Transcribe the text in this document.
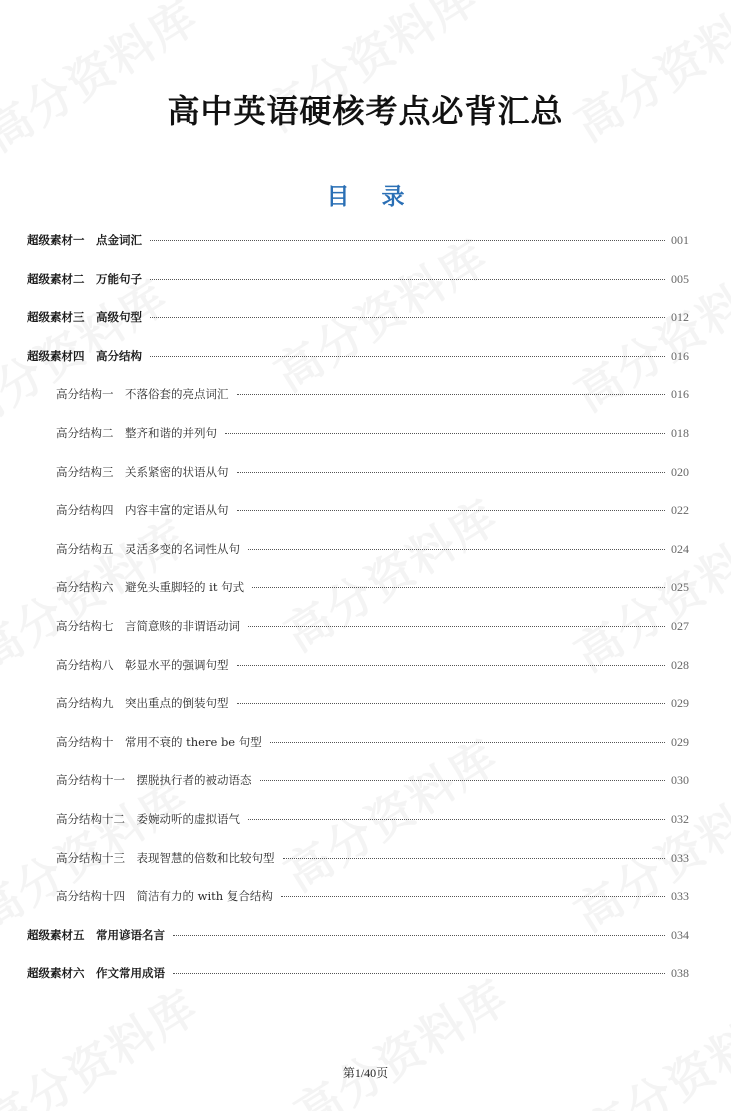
高中英语硬核考点必背汇总
目 录
超级素材一　点金词汇	001
超级素材二　万能句子	005
超级素材三　高级句型	012
超级素材四　高分结构	016
高分结构一　不落俗套的亮点词汇	016
高分结构二　整齐和谐的并列句	018
高分结构三　关系紧密的状语从句	020
高分结构四　内容丰富的定语从句	022
高分结构五　灵活多变的名词性从句	024
高分结构六　避免头重脚轻的 it 句式	025
高分结构七　言简意赅的非谓语动词	027
高分结构八　彰显水平的强调句型	028
高分结构九　突出重点的倒装句型	029
高分结构十　常用不衰的 there be 句型	029
高分结构十一　摆脱执行者的被动语态	030
高分结构十二　委婉动听的虚拟语气	032
高分结构十三　表现智慧的倍数和比较句型	033
高分结构十四　简洁有力的 with 复合结构	033
超级素材五　常用谚语名言	034
超级素材六　作文常用成语	038
第1/40页
